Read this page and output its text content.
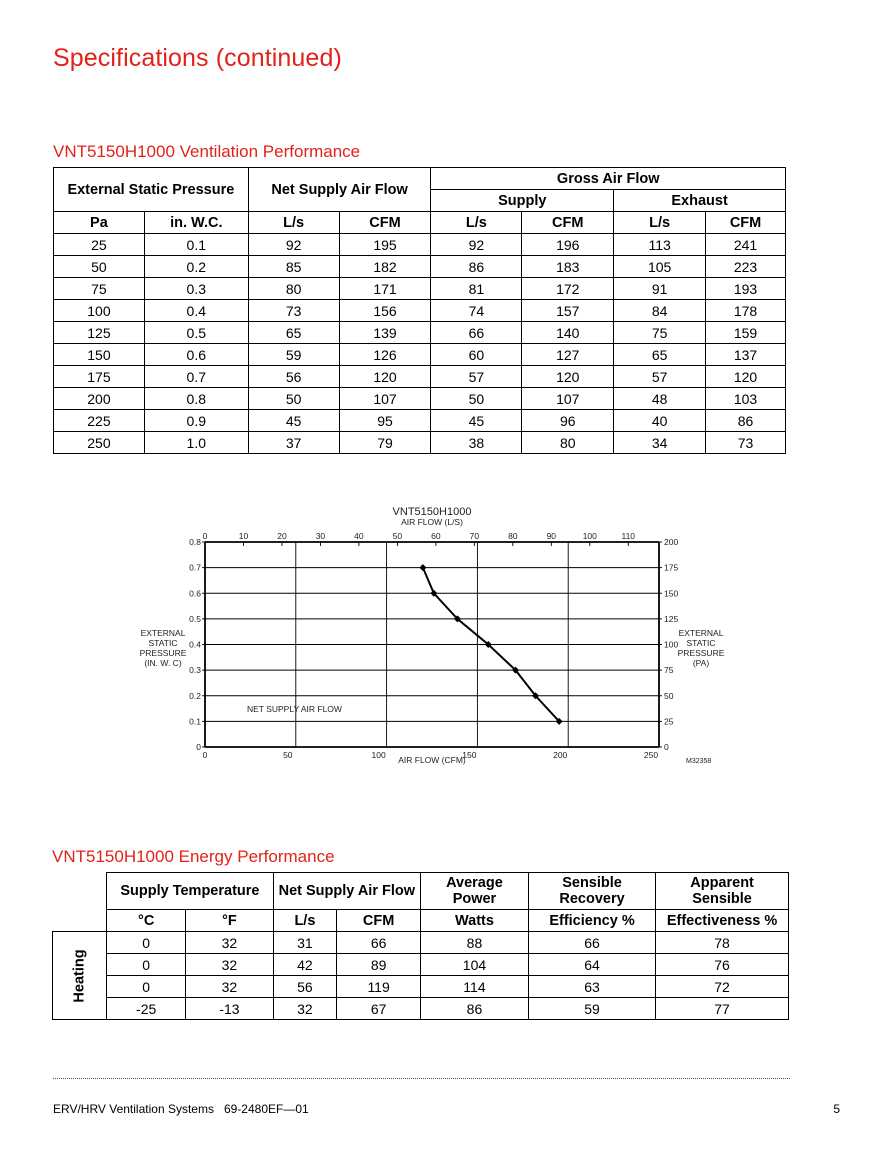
Specifications (continued)
VNT5150H1000 Ventilation Performance
External Static Pressure		Net Supply Air Flow		Gross Air Flow			
				Supply		Exhaust	
Pa	in. W.C.	L/s	CFM	L/s	CFM	L/s	CFM
25	0.1	92	195	92	196	113	241
50	0.2	85	182	86	183	105	223
75	0.3	80	171	81	172	91	193
100	0.4	73	156	74	157	84	178
125	0.5	65	139	66	140	75	159
150	0.6	59	126	60	127	65	137
175	0.7	56	120	57	120	57	120
200	0.8	50	107	50	107	48	103
225	0.9	45	95	45	96	40	86
250	1.0	37	79	38	80	34	73
0	0
0.1	25
0.2	50
0.3	75
0.4	100
0.5	125
0.6	150
0.7	175
0.8	200
0	50	100	150	200	250
0	10	20	30	40	50	60	70	80	90	100	110
VNT5150H1000
AIR FLOW (L/S)
AIR FLOW (CFM)
EXTERNAL
STATIC
PRESSURE
(IN. W. C)
EXTERNAL
STATIC
PRESSURE
(PA)
NET SUPPLY AIR FLOW
M32358
VNT5150H1000 Energy Performance
	Supply Temperature		Net Supply Air Flow		Average Power	Sensible Recovery	Apparent Sensible
	°C	°F	L/s	CFM	Watts	Efficiency %	Effectiveness %
Heating	0	32	31	66	88	66	78
	0	32	42	89	104	64	76
	0	32	56	119	114	63	72
	-25	-13	32	67	86	59	77
ERV/HRV Ventilation Systems   69-2480EF—01	5
